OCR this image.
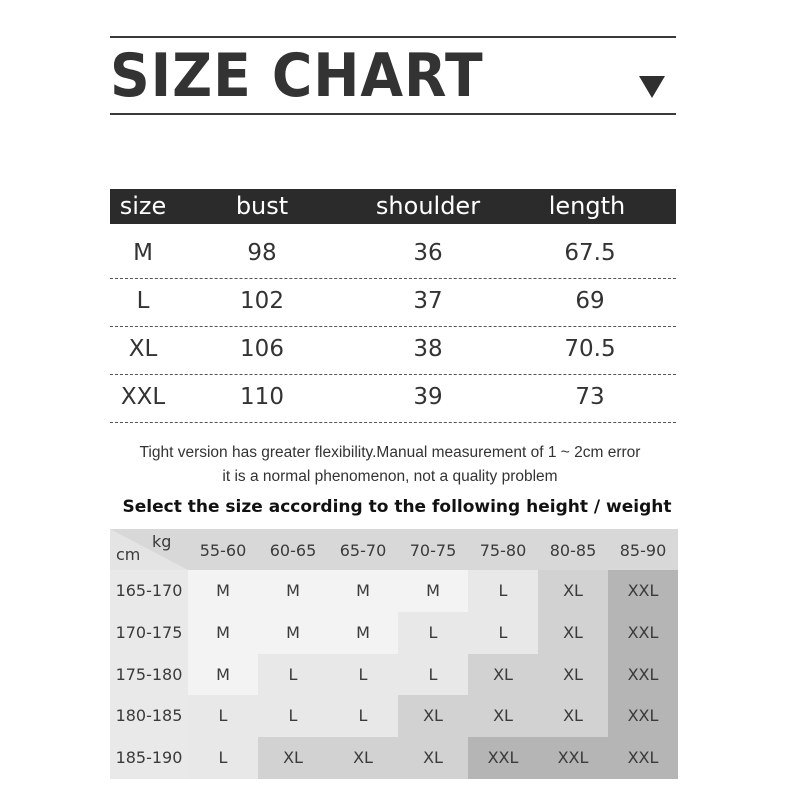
SIZE CHART
size	bust	shoulder	length
M	98	36	67.5
L	102	37	69
XL	106	38	70.5
XXL	110	39	73
Tight version has greater flexibility.Manual measurement of 1 ~ 2cm error
it is a normal phenomenon, not a quality problem
Select the size according to the following height / weight
kg
cm	55-60	60-65	65-70	70-75	75-80	80-85	85-90
165-170	M	M	M	M	L	XL	XXL
170-175	M	M	M	L	L	XL	XXL
175-180	M	L	L	L	XL	XL	XXL
180-185	L	L	L	XL	XL	XL	XXL
185-190	L	XL	XL	XL	XXL	XXL	XXL
